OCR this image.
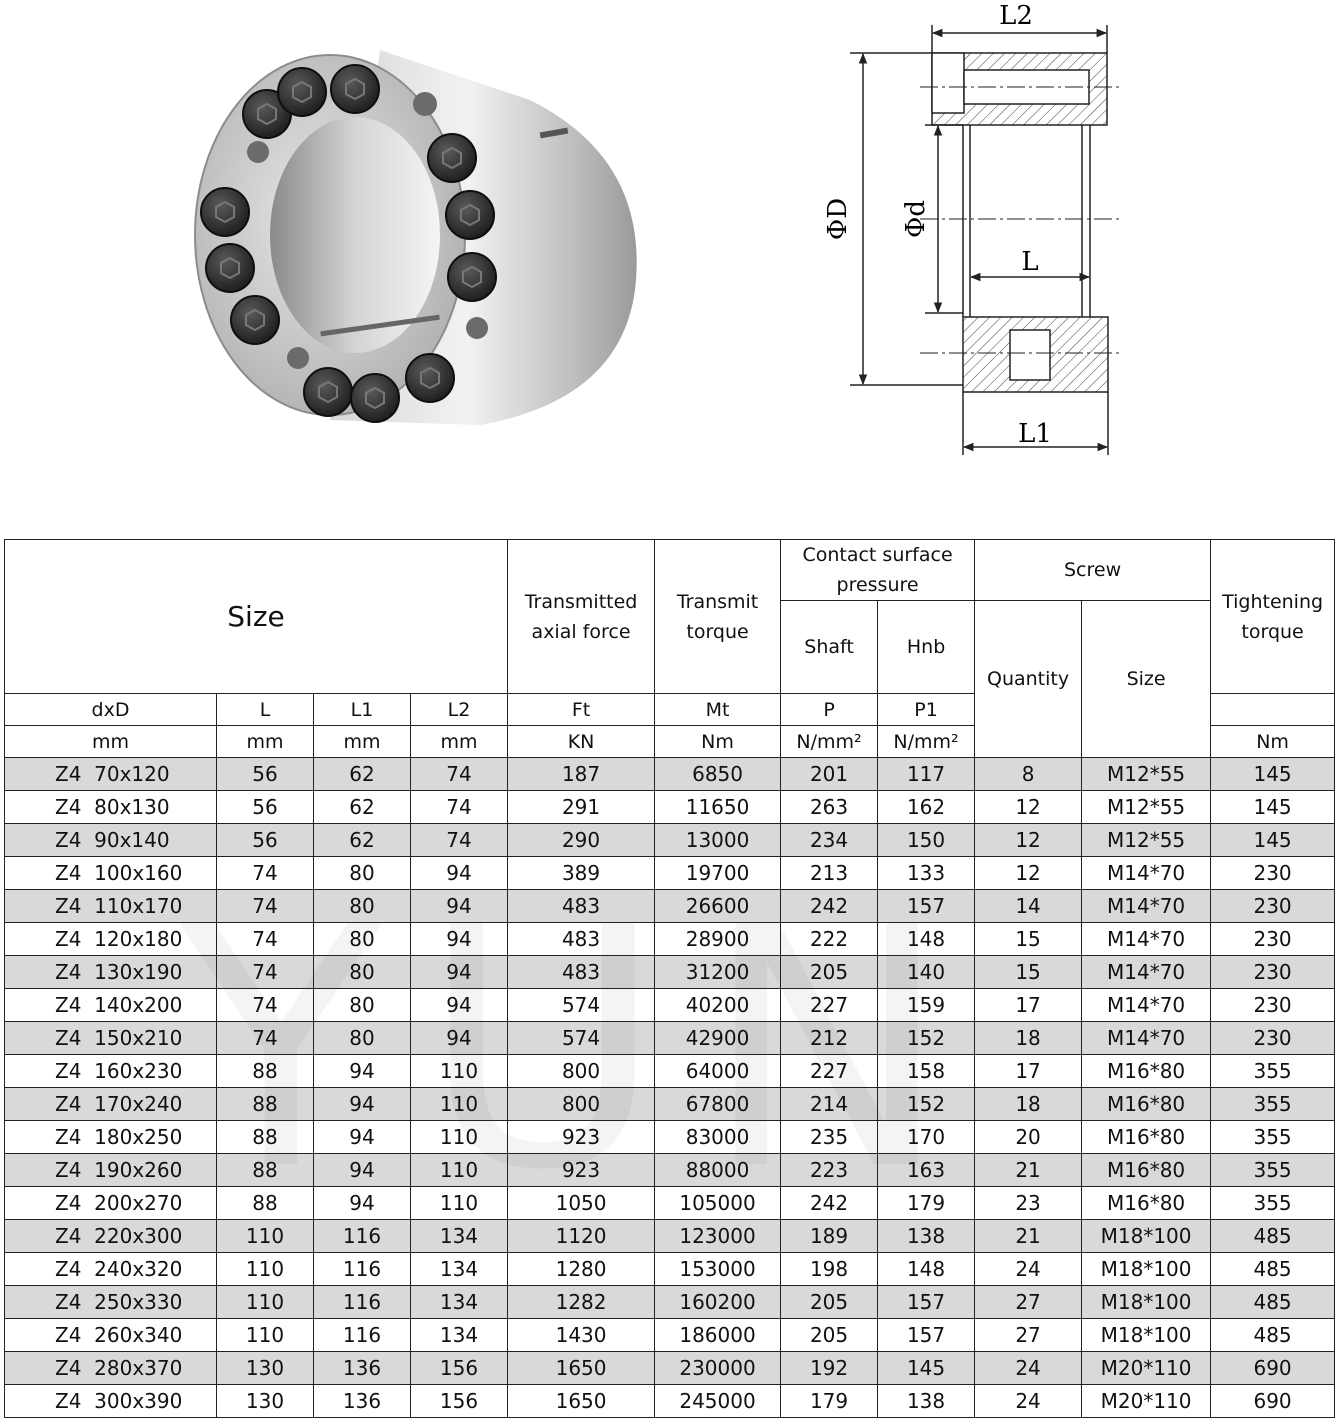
L2
L
L1
ΦD Φd
Size				Transmitted axial force	Transmit torque	Contact surface pressure		Screw		Tightening torque
						Shaft	Hnb	Quantity	Size	
dxD	L	L1	L2	Ft	Mt	P	P1			
mm	mm	mm	mm	KN	Nm	N/mm²	N/mm²			Nm
Z4  70x120	56	62	74	187	6850	201	117	8	M12*55	145
Z4  80x130	56	62	74	291	11650	263	162	12	M12*55	145
Z4  90x140	56	62	74	290	13000	234	150	12	M12*55	145
Z4  100x160	74	80	94	389	19700	213	133	12	M14*70	230
Z4  110x170	74	80	94	483	26600	242	157	14	M14*70	230
Z4  120x180	74	80	94	483	28900	222	148	15	M14*70	230
Z4  130x190	74	80	94	483	31200	205	140	15	M14*70	230
Z4  140x200	74	80	94	574	40200	227	159	17	M14*70	230
Z4  150x210	74	80	94	574	42900	212	152	18	M14*70	230
Z4  160x230	88	94	110	800	64000	227	158	17	M16*80	355
Z4  170x240	88	94	110	800	67800	214	152	18	M16*80	355
Z4  180x250	88	94	110	923	83000	235	170	20	M16*80	355
Z4  190x260	88	94	110	923	88000	223	163	21	M16*80	355
Z4  200x270	88	94	110	1050	105000	242	179	23	M16*80	355
Z4  220x300	110	116	134	1120	123000	189	138	21	M18*100	485
Z4  240x320	110	116	134	1280	153000	198	148	24	M18*100	485
Z4  250x330	110	116	134	1282	160200	205	157	27	M18*100	485
Z4  260x340	110	116	134	1430	186000	205	157	27	M18*100	485
Z4  280x370	130	136	156	1650	230000	192	145	24	M20*110	690
Z4  300x390	130	136	156	1650	245000	179	138	24	M20*110	690
